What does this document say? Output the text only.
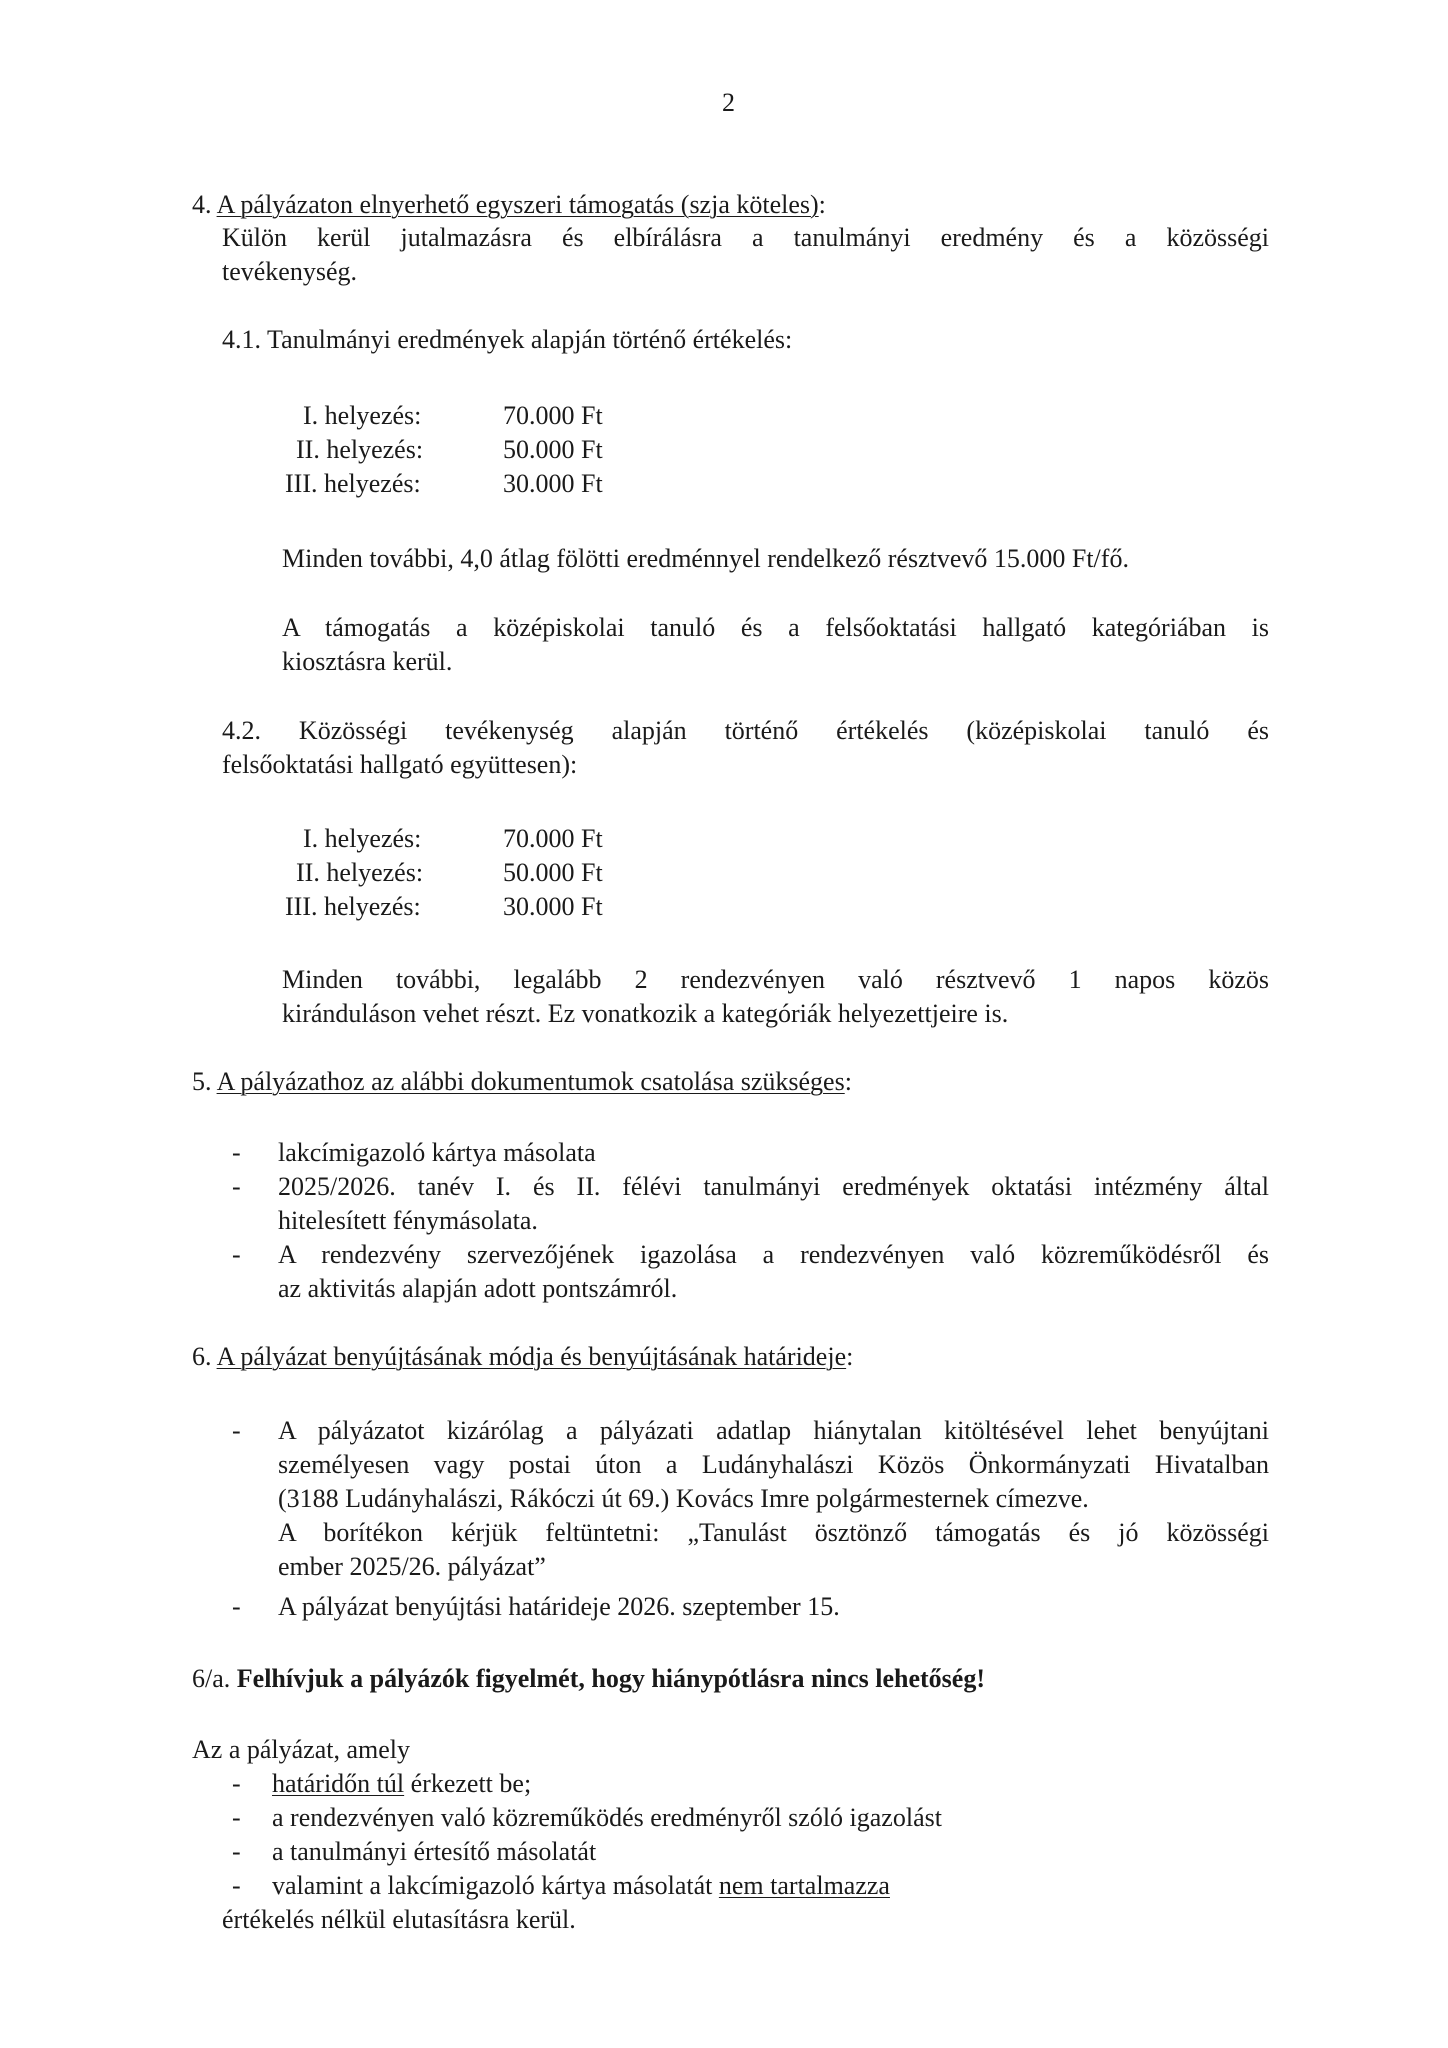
2
4. A pályázaton elnyerhető egyszeri támogatás (szja köteles):
Külön kerül jutalmazásra és elbírálásra a tanulmányi eredmény és a közösségi
tevékenység.
4.1. Tanulmányi eredmények alapján történő értékelés:
I. helyezés:	70.000 Ft
II. helyezés:	50.000 Ft
III. helyezés:	30.000 Ft
Minden további, 4,0 átlag fölötti eredménnyel rendelkező résztvevő 15.000 Ft/fő.
A támogatás a középiskolai tanuló és a felsőoktatási hallgató kategóriában is
kiosztásra kerül.
4.2. Közösségi tevékenység alapján történő értékelés (középiskolai tanuló és
felsőoktatási hallgató együttesen):
I. helyezés:	70.000 Ft
II. helyezés:	50.000 Ft
III. helyezés:	30.000 Ft
Minden további, legalább 2 rendezvényen való résztvevő 1 napos közös
kiránduláson vehet részt. Ez vonatkozik a kategóriák helyezettjeire is.
5. A pályázathoz az alábbi dokumentumok csatolása szükséges:
- lakcímigazoló kártya másolata
- 2025/2026. tanév I. és II. félévi tanulmányi eredmények oktatási intézmény által
hitelesített fénymásolata.
- A rendezvény szervezőjének igazolása a rendezvényen való közreműködésről és
az aktivitás alapján adott pontszámról.
6. A pályázat benyújtásának módja és benyújtásának határideje:
- A pályázatot kizárólag a pályázati adatlap hiánytalan kitöltésével lehet benyújtani
személyesen vagy postai úton a Ludányhalászi Közös Önkormányzati Hivatalban
(3188 Ludányhalászi, Rákóczi út 69.) Kovács Imre polgármesternek címezve.
A borítékon kérjük feltüntetni: „Tanulást ösztönző támogatás és jó közösségi
ember 2025/26. pályázat”
- A pályázat benyújtási határideje 2026. szeptember 15.
6/a. Felhívjuk a pályázók figyelmét, hogy hiánypótlásra nincs lehetőség!
Az a pályázat, amely
- határidőn túl érkezett be;
- a rendezvényen való közreműködés eredményről szóló igazolást
- a tanulmányi értesítő másolatát
- valamint a lakcímigazoló kártya másolatát nem tartalmazza
értékelés nélkül elutasításra kerül.
